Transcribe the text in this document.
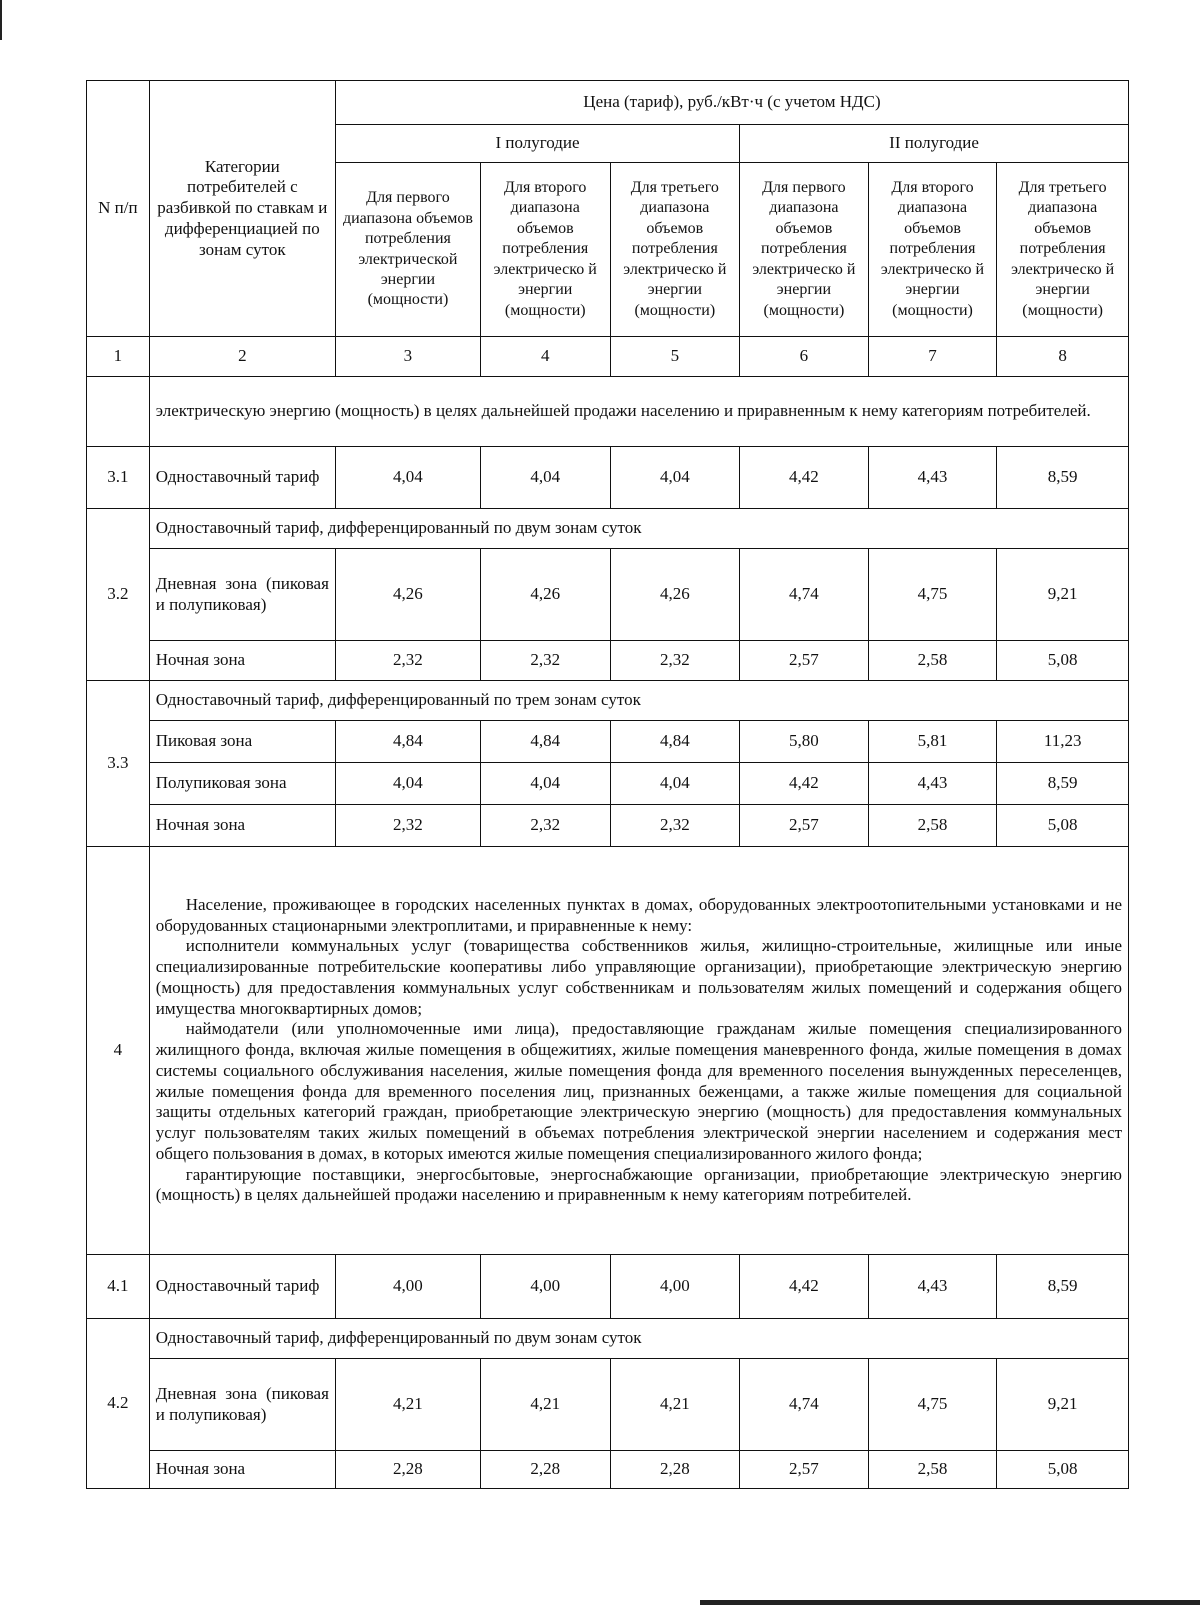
N п/п	Категории потребителей с разбивкой по ставкам и дифференциацией по зонам суток	Цена (тариф), руб./кВт·ч (с учетом НДС)					
		I полугодие			II полугодие		
		Для первого диапазона объемов потребления электрической энергии (мощности)	Для второго диапазона объемов потребления электрическо й энергии (мощности)	Для третьего диапазона объемов потребления электрическо й энергии (мощности)	Для первого диапазона объемов потребления электрическо й энергии (мощности)	Для второго диапазона объемов потребления электрическо й энергии (мощности)	Для третьего диапазона объемов потребления электрическо й энергии (мощности)
1	2	3	4	5	6	7	8
	электрическую энергию (мощность) в целях дальнейшей продажи населению и приравненным к нему категориям потребителей.						
3.1	Одноставочный тариф	4,04	4,04	4,04	4,42	4,43	8,59
3.2	Одноставочный тариф, дифференцированный по двум зонам суток						
	Дневная зона (пиковая и полупиковая)	4,26	4,26	4,26	4,74	4,75	9,21
	Ночная зона	2,32	2,32	2,32	2,57	2,58	5,08
3.3	Одноставочный тариф, дифференцированный по трем зонам суток						
	Пиковая зона	4,84	4,84	4,84	5,80	5,81	11,23
	Полупиковая зона	4,04	4,04	4,04	4,42	4,43	8,59
	Ночная зона	2,32	2,32	2,32	2,57	2,58	5,08
4	Население, проживающее в городских населенных пунктах в домах, оборудованных электроотопительными установками и не оборудованных стационарными электроплитами, и приравненные к нему:

исполнители коммунальных услуг (товарищества собственников жилья, жилищно-строительные, жилищные или иные специализированные потребительские кооперативы либо управляющие организации), приобретающие электрическую энергию (мощность) для предоставления коммунальных услуг собственникам и пользователям жилых помещений и содержания общего имущества многоквартирных домов;

наймодатели (или уполномоченные ими лица), предоставляющие гражданам жилые помещения специализированного жилищного фонда, включая жилые помещения в общежитиях, жилые помещения маневренного фонда, жилые помещения в домах системы социального обслуживания населения, жилые помещения фонда для временного поселения вынужденных переселенцев, жилые помещения фонда для временного поселения лиц, признанных беженцами, а также жилые помещения для социальной защиты отдельных категорий граждан, приобретающие электрическую энергию (мощность) для предоставления коммунальных услуг пользователям таких жилых помещений в объемах потребления электрической энергии населением и содержания мест общего пользования в домах, в которых имеются жилые помещения специализированного жилого фонда;

гарантирующие поставщики, энергосбытовые, энергоснабжающие организации, приобретающие электрическую энергию (мощность) в целях дальнейшей продажи населению и приравненным к нему категориям потребителей.						

4.1	Одноставочный тариф	4,00	4,00	4,00	4,42	4,43	8,59
4.2	Одноставочный тариф, дифференцированный по двум зонам суток						
	Дневная зона (пиковая и полупиковая)	4,21	4,21	4,21	4,74	4,75	9,21
	Ночная зона	2,28	2,28	2,28	2,57	2,58	5,08
